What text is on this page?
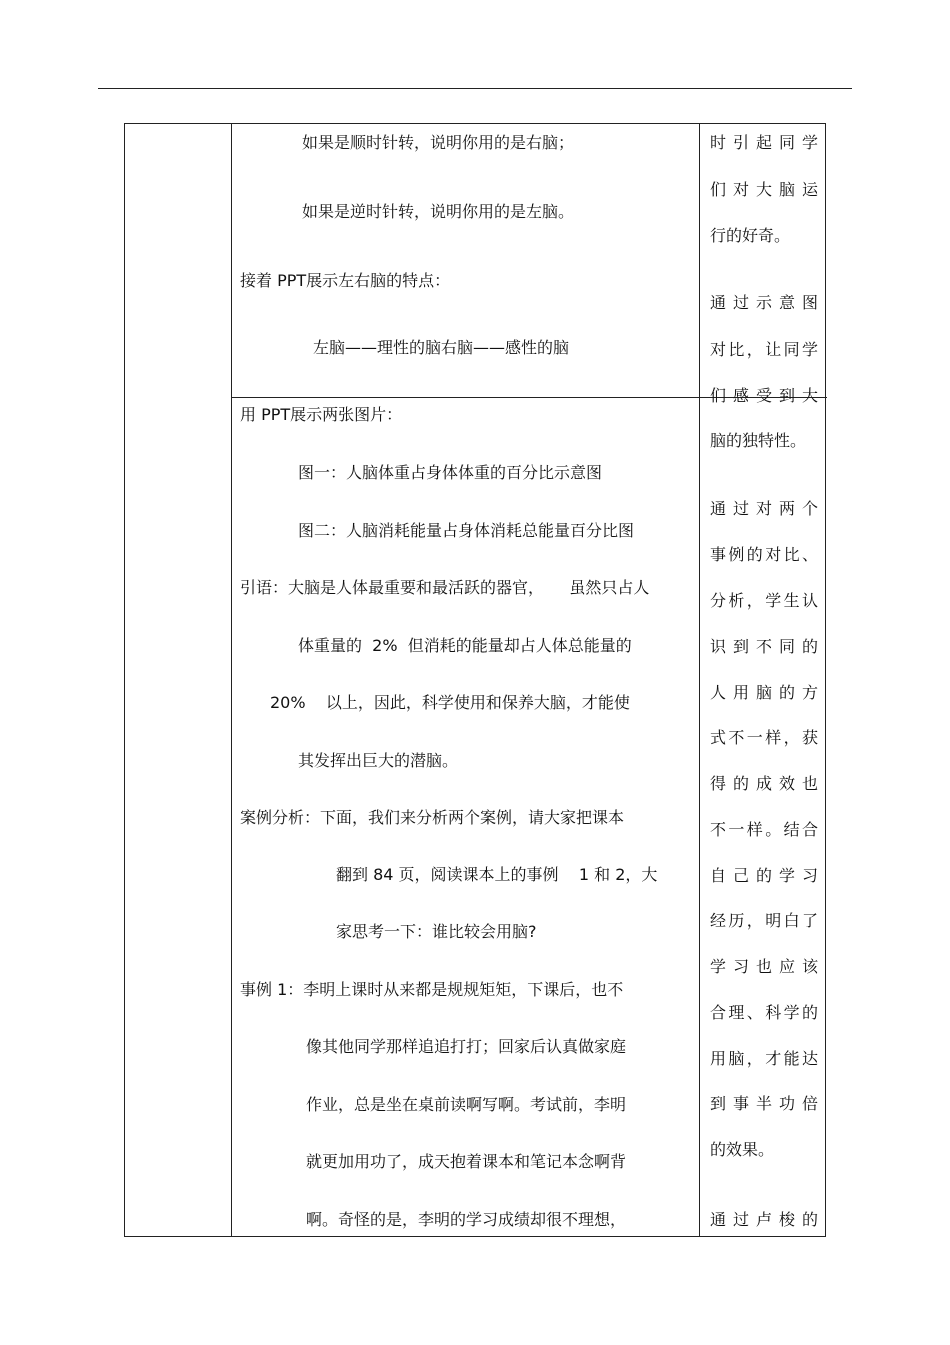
如果是顺时针转，说明你用的是右脑；
如果是逆时针转，说明你用的是左脑。
接着 PPT展示左右脑的特点：
左脑——理性的脑右脑——感性的脑
用 PPT展示两张图片：
图一：人脑体重占身体体重的百分比示意图
图二：人脑消耗能量占身体消耗总能量百分比图
引语：大脑是人体最重要和最活跃的器官，     虽然只占人
体重量的  2%  但消耗的能量却占人体总能量的
20%    以上，因此，科学使用和保养大脑，才能使
其发挥出巨大的潜脑。
案例分析：下面，我们来分析两个案例，请大家把课本
翻到 84 页，阅读课本上的事例    1 和 2，大
家思考一下：谁比较会用脑?
事例 1：李明上课时从来都是规规矩矩，下课后，也不
像其他同学那样追追打打；回家后认真做家庭
作业，总是坐在桌前读啊写啊。考试前，李明
就更加用功了，成天抱着课本和笔记本念啊背
啊。奇怪的是，李明的学习成绩却很不理想，
时引起同学
们对大脑运
行的好奇。
通过示意图
对比，让同学
们感受到大
脑的独特性。
通过对两个
事例的对比、
分析，学生认
识到不同的
人用脑的方
式不一样，获
得的成效也
不一样。结合
自己的学习
经历，明白了
学习也应该
合理、科学的
用脑，才能达
到事半功倍
的效果。
通过卢梭的
